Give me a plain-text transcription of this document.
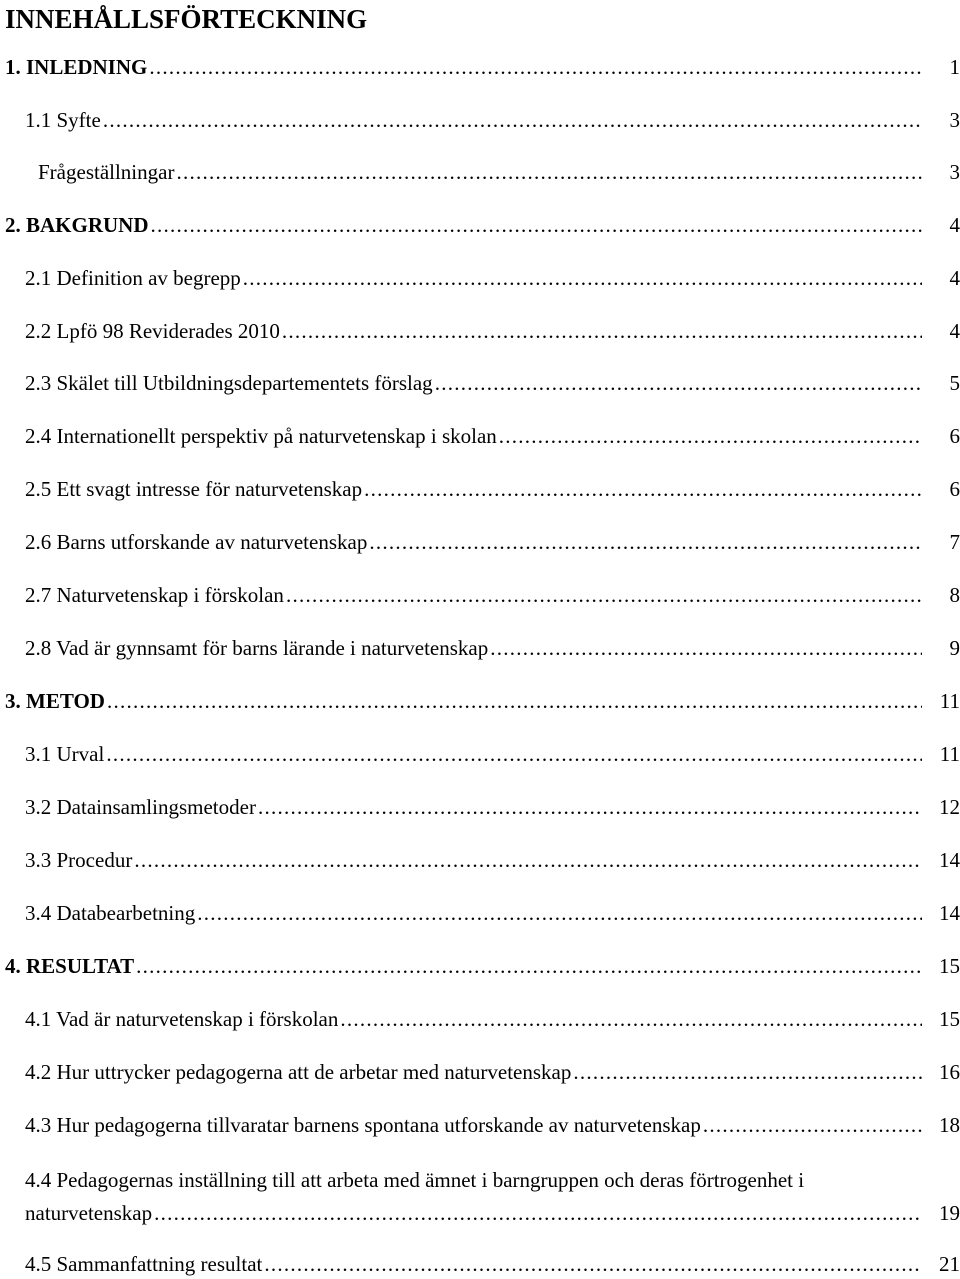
INNEHÅLLSFÖRTECKNING
1. INLEDNING . . .	1
1.1 Syfte . . .	3
Frågeställningar . . .	3
2. BAKGRUND . . .	4
2.1 Definition av begrepp . . .	4
2.2 Lpfö 98 Reviderades 2010 . . .	4
2.3 Skälet till Utbildningsdepartementets förslag . . .	5
2.4 Internationellt perspektiv på naturvetenskap i skolan . . .	6
2.5 Ett svagt intresse för naturvetenskap . . .	6
2.6 Barns utforskande av naturvetenskap . . .	7
2.7 Naturvetenskap i förskolan . . .	8
2.8 Vad är gynnsamt för barns lärande i naturvetenskap . . .	9
3. METOD . . .	11
3.1 Urval . . .	11
3.2 Datainsamlingsmetoder . . .	12
3.3 Procedur . . .	14
3.4 Databearbetning . . .	14
4. RESULTAT . . .	15
4.1 Vad är naturvetenskap i förskolan . . .	15
4.2 Hur uttrycker pedagogerna att de arbetar med naturvetenskap . . .	16
4.3 Hur pedagogerna tillvaratar barnens spontana utforskande av naturvetenskap . . .	18
4.4 Pedagogernas inställning till att arbeta med ämnet i barngruppen och deras förtrogenhet i
naturvetenskap . . .	19
4.5 Sammanfattning resultat . . .	21
